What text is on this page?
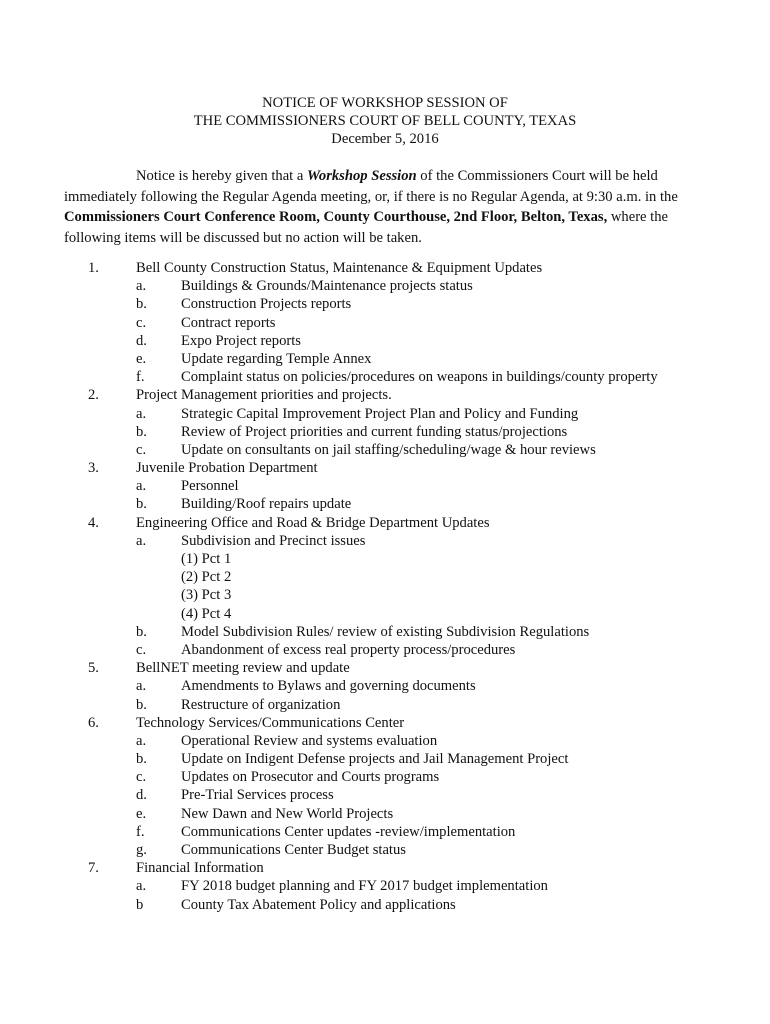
NOTICE OF WORKSHOP SESSION OF
THE COMMISSIONERS COURT OF BELL COUNTY, TEXAS
December 5, 2016
Notice is hereby given that a Workshop Session of the Commissioners Court will be held immediately following the Regular Agenda meeting, or, if there is no Regular Agenda, at 9:30 a.m. in the Commissioners Court Conference Room, County Courthouse, 2nd Floor, Belton, Texas, where the following items will be discussed but no action will be taken.
1.	Bell County Construction Status, Maintenance & Equipment Updates
a. Buildings & Grounds/Maintenance projects status
b. Construction Projects reports
c. Contract reports
d. Expo Project reports
e. Update regarding Temple Annex
f. Complaint status on policies/procedures on weapons in buildings/county property
2.	Project Management priorities and projects.
a. Strategic Capital Improvement Project Plan and Policy and Funding
b. Review of Project priorities and current funding status/projections
c. Update on consultants on jail staffing/scheduling/wage & hour reviews
3.	Juvenile Probation Department
a. Personnel
b. Building/Roof repairs update
4.	Engineering Office and Road & Bridge Department Updates
a. Subdivision and Precinct issues
(1) Pct 1
(2) Pct 2
(3) Pct 3
(4) Pct 4
b. Model Subdivision Rules/ review of existing Subdivision Regulations
c. Abandonment of excess real property process/procedures
5.	BellNET meeting review and update
a. Amendments to Bylaws and governing documents
b. Restructure of organization
6.	Technology Services/Communications Center
a. Operational Review and systems evaluation
b. Update on Indigent Defense projects and Jail Management Project
c. Updates on Prosecutor and Courts programs
d. Pre-Trial Services process
e. New Dawn and New World Projects
f. Communications Center updates -review/implementation
g. Communications Center Budget status
7.	Financial Information
a. FY 2018 budget planning and FY 2017 budget implementation
b	County Tax Abatement Policy and applications
